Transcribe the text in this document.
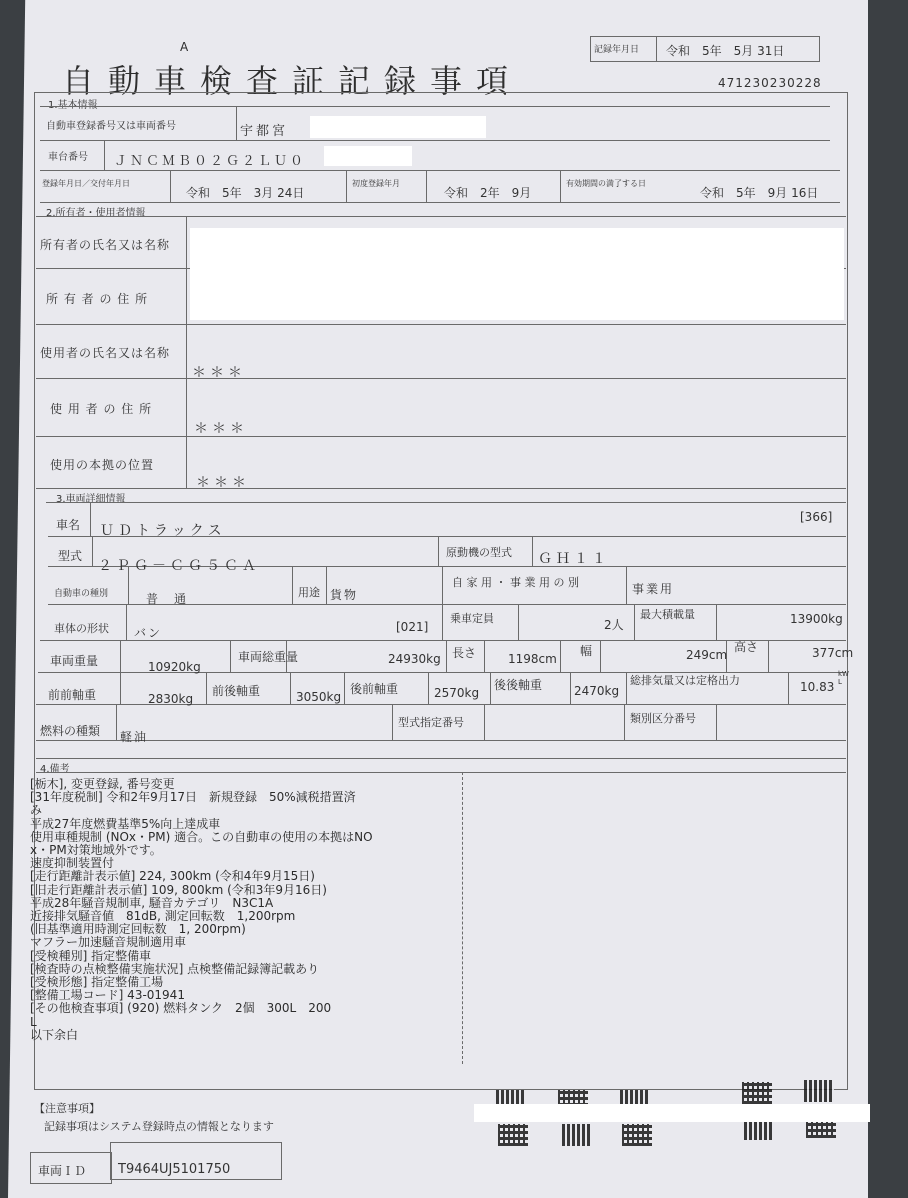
A
自動車検査証記録事項
記録年月日 令和　5年　5月 31日
471230230228
1.基本情報
自動車登録番号又は車両番号	宇都宮
車台番号 ＪＮＣＭＢ０２Ｇ２ＬＵ０
登録年月日／交付年月日
令和　5年　3月 24日
初度登録年月
令和　2年　9月
有効期間の満了する日
令和　5年　9月 16日
2.所有者・使用者情報
所有者の氏名又は名称
所 有 者 の 住 所
使用者の氏名又は名称
＊＊＊
使 用 者 の 住 所
＊＊＊
使用の本拠の位置
＊＊＊
3.車両詳細情報
車名 ＵＤトラックス
[366]
型式
２ＰＧ－ＣＧ５ＣＡ
原動機の型式 ＧＨ１１
自動車の種別	普　通	用途 貨物
自 家 用 ・ 事 業 用 の 別	事業用
車体の形状 バン	[021]
乗車定員	2人
最大積載量	13900kg
車両重量	10920kg
車両総重量	24930kg 長さ	1198cm
幅	249cm
高さ	377cm
前前軸重	2830kg
前後軸重	3050kg
後前軸重	2570kg
後後軸重	2470kg
総排気量又は定格出力	10.83
kW L
燃料の種類 軽油
型式指定番号	類別区分番号
4.備考
[栃木], 変更登録, 番号変更
[31年度税制] 令和2年9月17日　新規登録　50%減税措置済
み
平成27年度燃費基準5%向上達成車
使用車種規制 (NOx・PM) 適合。この自動車の使用の本拠はNO
x・PM対策地域外です。
速度抑制装置付
[走行距離計表示値] 224, 300km (令和4年9月15日)
[旧走行距離計表示値] 109, 800km (令和3年9月16日)
平成28年騒音規制車, 騒音カテゴリ　N3C1A
近接排気騒音値　81dB, 測定回転数　1,200rpm
(旧基準適用時測定回転数　1, 200rpm)
マフラー加速騒音規制適用車
[受検種別] 指定整備車
[検査時の点検整備実施状況] 点検整備記録簿記載あり
[受検形態] 指定整備工場
[整備工場コード] 43-01941
[その他検査事項] (920) 燃料タンク　2個　300L　200
L
以下余白
【注意事項】
記録事項はシステム登録時点の情報となります
車両ＩＤ T9464UJ5101750
